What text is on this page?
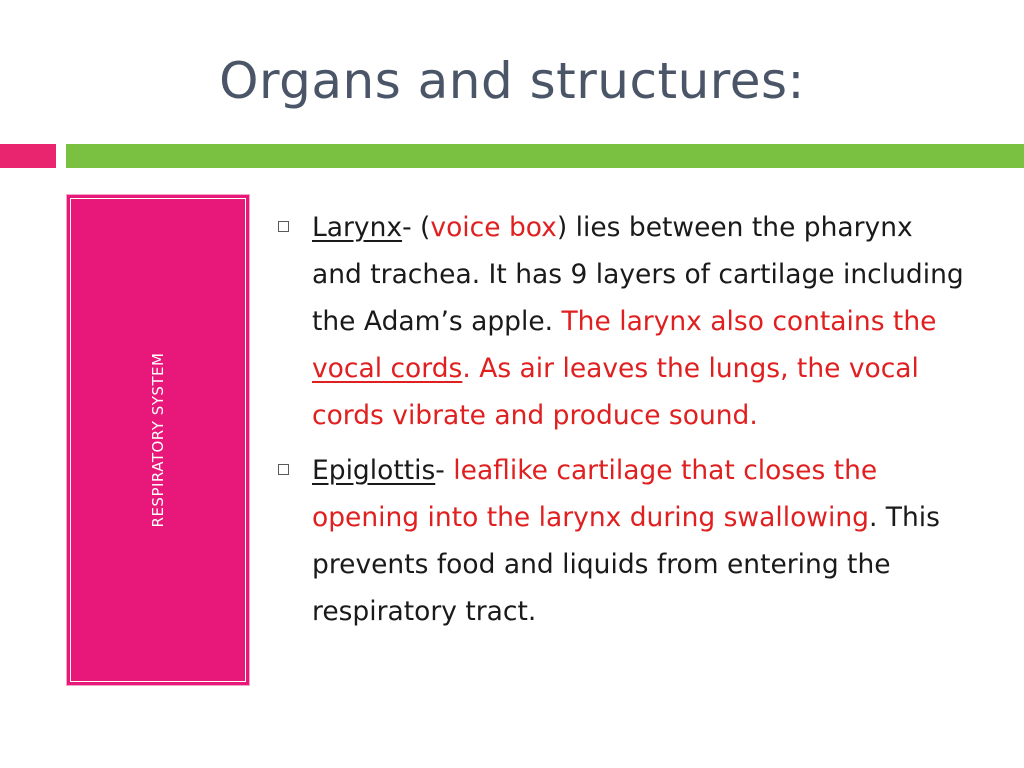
Organs and structures:
RESPIRATORY SYSTEM
Larynx- (voice box) lies between the pharynx and trachea. It has 9 layers of cartilage including the Adam’s apple. The larynx also contains the vocal cords. As air leaves the lungs, the vocal cords vibrate and produce sound.
Epiglottis- leaflike cartilage that closes the opening into the larynx during swallowing. This prevents food and liquids from entering the respiratory tract.
